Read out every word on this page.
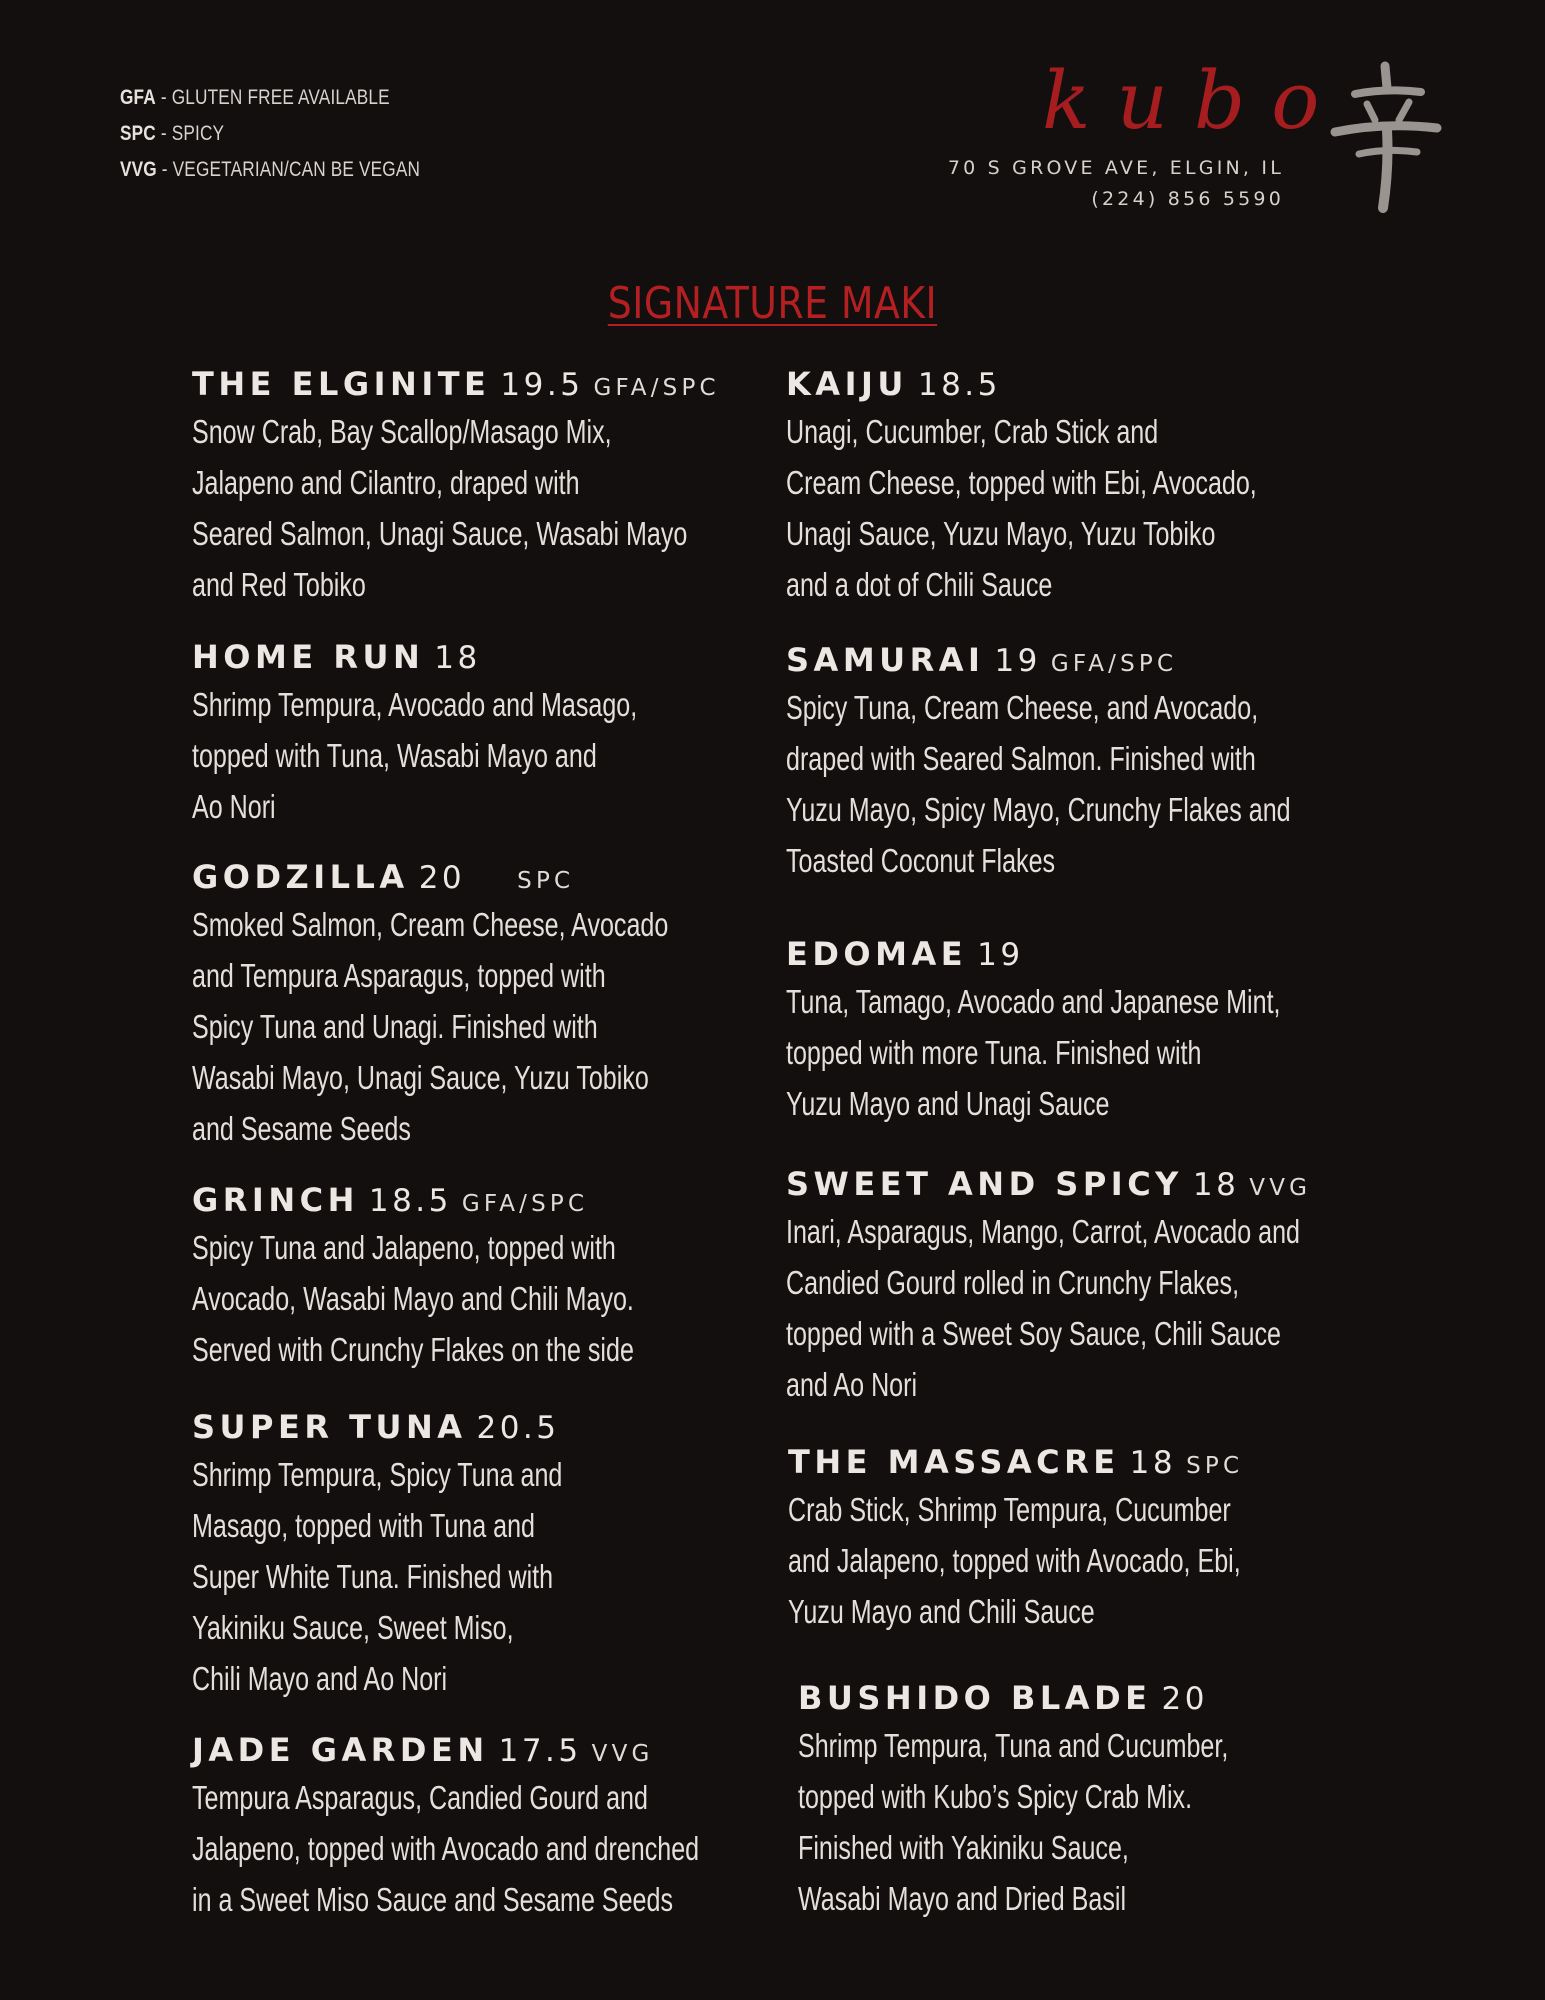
GFA - GLUTEN FREE AVAILABLE
SPC - SPICY
VVG - VEGETARIAN/CAN BE VEGAN
kubo
70 S GROVE AVE, ELGIN, IL
(224) 856 5590
SIGNATURE MAKI
THE ELGINITE 19.5 GFA/SPC
Snow Crab, Bay Scallop/Masago Mix,
Jalapeno and Cilantro, draped with
Seared Salmon, Unagi Sauce, Wasabi Mayo
and Red Tobiko
HOME RUN 18
Shrimp Tempura, Avocado and Masago,
topped with Tuna, Wasabi Mayo and
Ao Nori
GODZILLA 20 SPC
Smoked Salmon, Cream Cheese, Avocado
and Tempura Asparagus, topped with
Spicy Tuna and Unagi. Finished with
Wasabi Mayo, Unagi Sauce, Yuzu Tobiko
and Sesame Seeds
GRINCH 18.5 GFA/SPC
Spicy Tuna and Jalapeno, topped with
Avocado, Wasabi Mayo and Chili Mayo.
Served with Crunchy Flakes on the side
SUPER TUNA 20.5
Shrimp Tempura, Spicy Tuna and
Masago, topped with Tuna and
Super White Tuna. Finished with
Yakiniku Sauce, Sweet Miso,
Chili Mayo and Ao Nori
JADE GARDEN 17.5 VVG
Tempura Asparagus, Candied Gourd and
Jalapeno, topped with Avocado and drenched
in a Sweet Miso Sauce and Sesame Seeds
KAIJU 18.5
Unagi, Cucumber, Crab Stick and
Cream Cheese, topped with Ebi, Avocado,
Unagi Sauce, Yuzu Mayo, Yuzu Tobiko
and a dot of Chili Sauce
SAMURAI 19 GFA/SPC
Spicy Tuna, Cream Cheese, and Avocado,
draped with Seared Salmon. Finished with
Yuzu Mayo, Spicy Mayo, Crunchy Flakes and
Toasted Coconut Flakes
EDOMAE 19
Tuna, Tamago, Avocado and Japanese Mint,
topped with more Tuna. Finished with
Yuzu Mayo and Unagi Sauce
SWEET AND SPICY 18 VVG
Inari, Asparagus, Mango, Carrot, Avocado and
Candied Gourd rolled in Crunchy Flakes,
topped with a Sweet Soy Sauce, Chili Sauce
and Ao Nori
THE MASSACRE 18 SPC
Crab Stick, Shrimp Tempura, Cucumber
and Jalapeno, topped with Avocado, Ebi,
Yuzu Mayo and Chili Sauce
BUSHIDO BLADE 20
Shrimp Tempura, Tuna and Cucumber,
topped with Kubo’s Spicy Crab Mix.
Finished with Yakiniku Sauce,
Wasabi Mayo and Dried Basil
